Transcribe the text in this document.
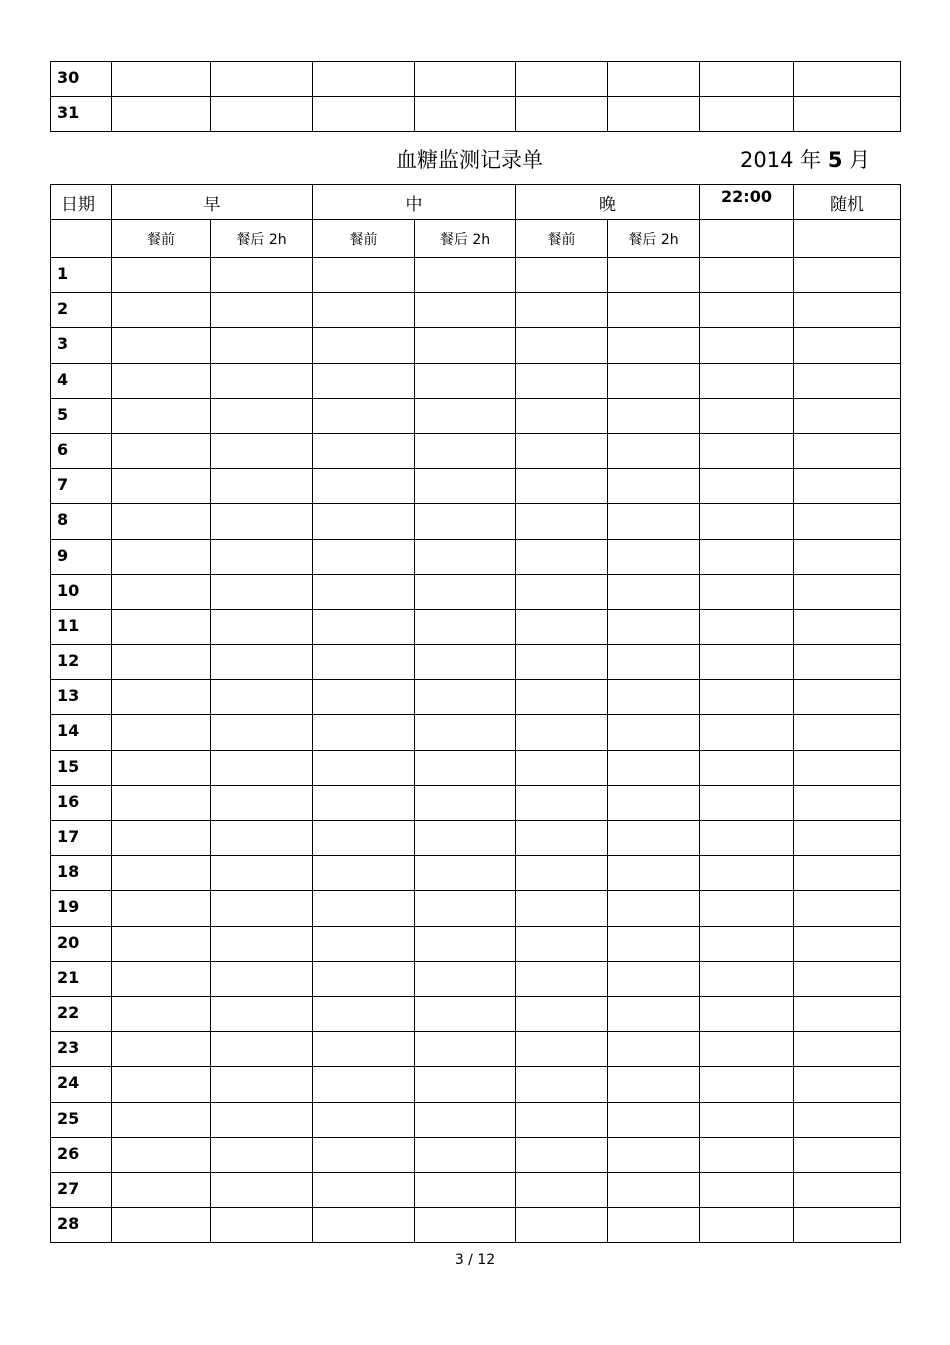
30								
31								
血糖监测记录单	2014 年 5 月
日期	早		中		晚		22:00	随机
	餐前	餐后 2h	餐前	餐后 2h	餐前	餐后 2h		
1								
2								
3								
4								
5								
6								
7								
8								
9								
10								
11								
12								
13								
14								
15								
16								
17								
18								
19								
20								
21								
22								
23								
24								
25								
26								
27								
28								
3 / 12
